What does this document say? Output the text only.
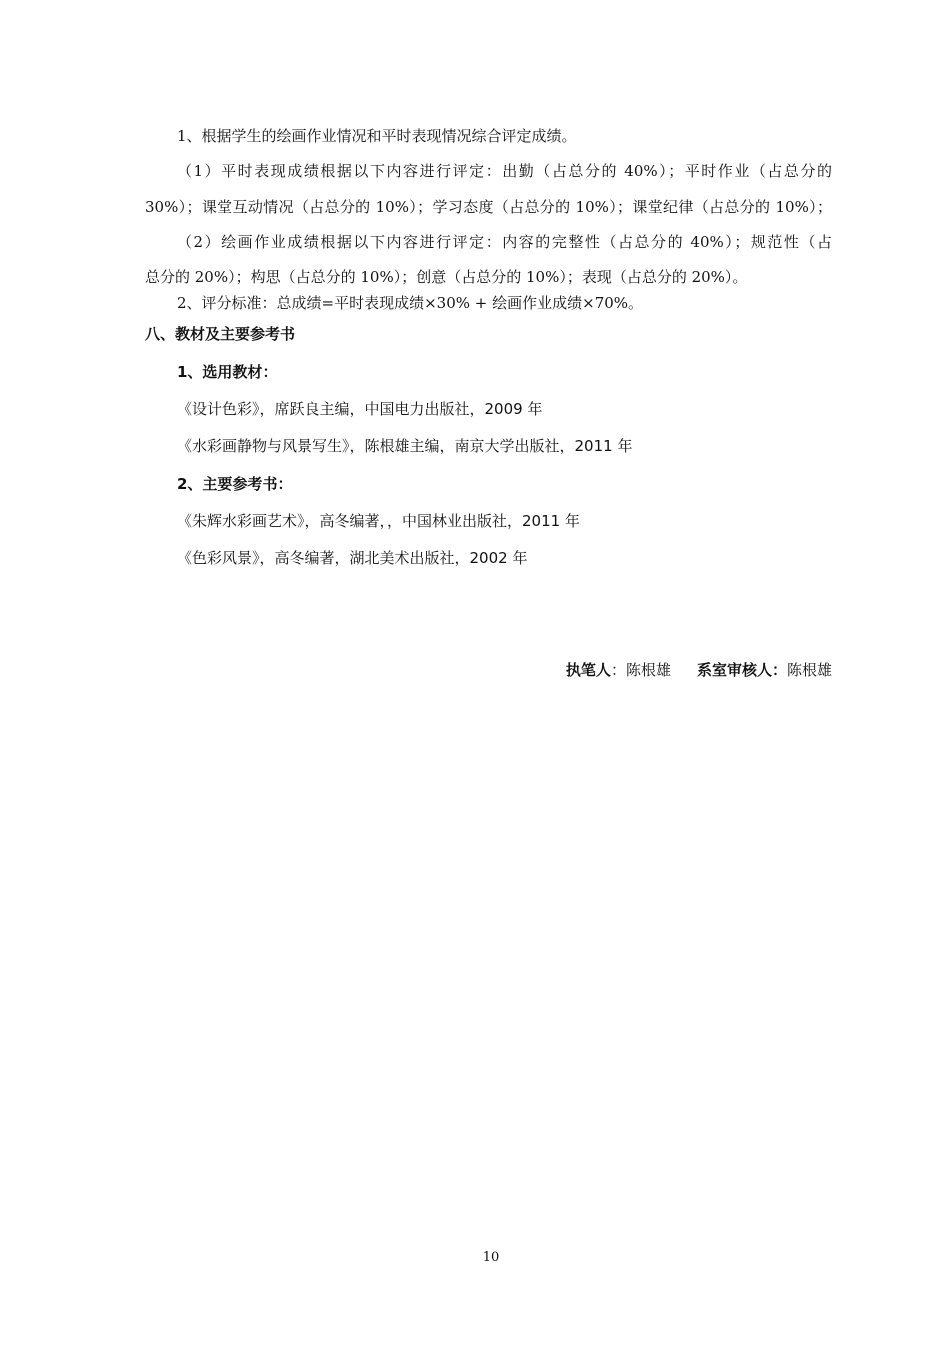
1、根据学生的绘画作业情况和平时表现情况综合评定成绩。
（1）平时表现成绩根据以下内容进行评定：出勤（占总分的 40%）；平时作业（占总分的
30%）；课堂互动情况（占总分的 10%）；学习态度（占总分的 10%）；课堂纪律（占总分的 10%）；
（2）绘画作业成绩根据以下内容进行评定：内容的完整性（占总分的 40%）；规范性（占
总分的 20%）；构思（占总分的 10%）；创意（占总分的 10%）；表现（占总分的 20%）。
2、评分标准：总成绩=平时表现成绩×30% + 绘画作业成绩×70%。
八、教材及主要参考书
1、选用教材：
《设计色彩》，席跃良主编，中国电力出版社，2009 年
《水彩画静物与风景写生》，陈根雄主编，南京大学出版社，2011 年
2、主要参考书：
《朱辉水彩画艺术》，高冬编著，，中国林业出版社，2011 年
《色彩风景》，高冬编著，湖北美术出版社，2002 年
执笔人：陈根雄 系室审核人：陈根雄
10
